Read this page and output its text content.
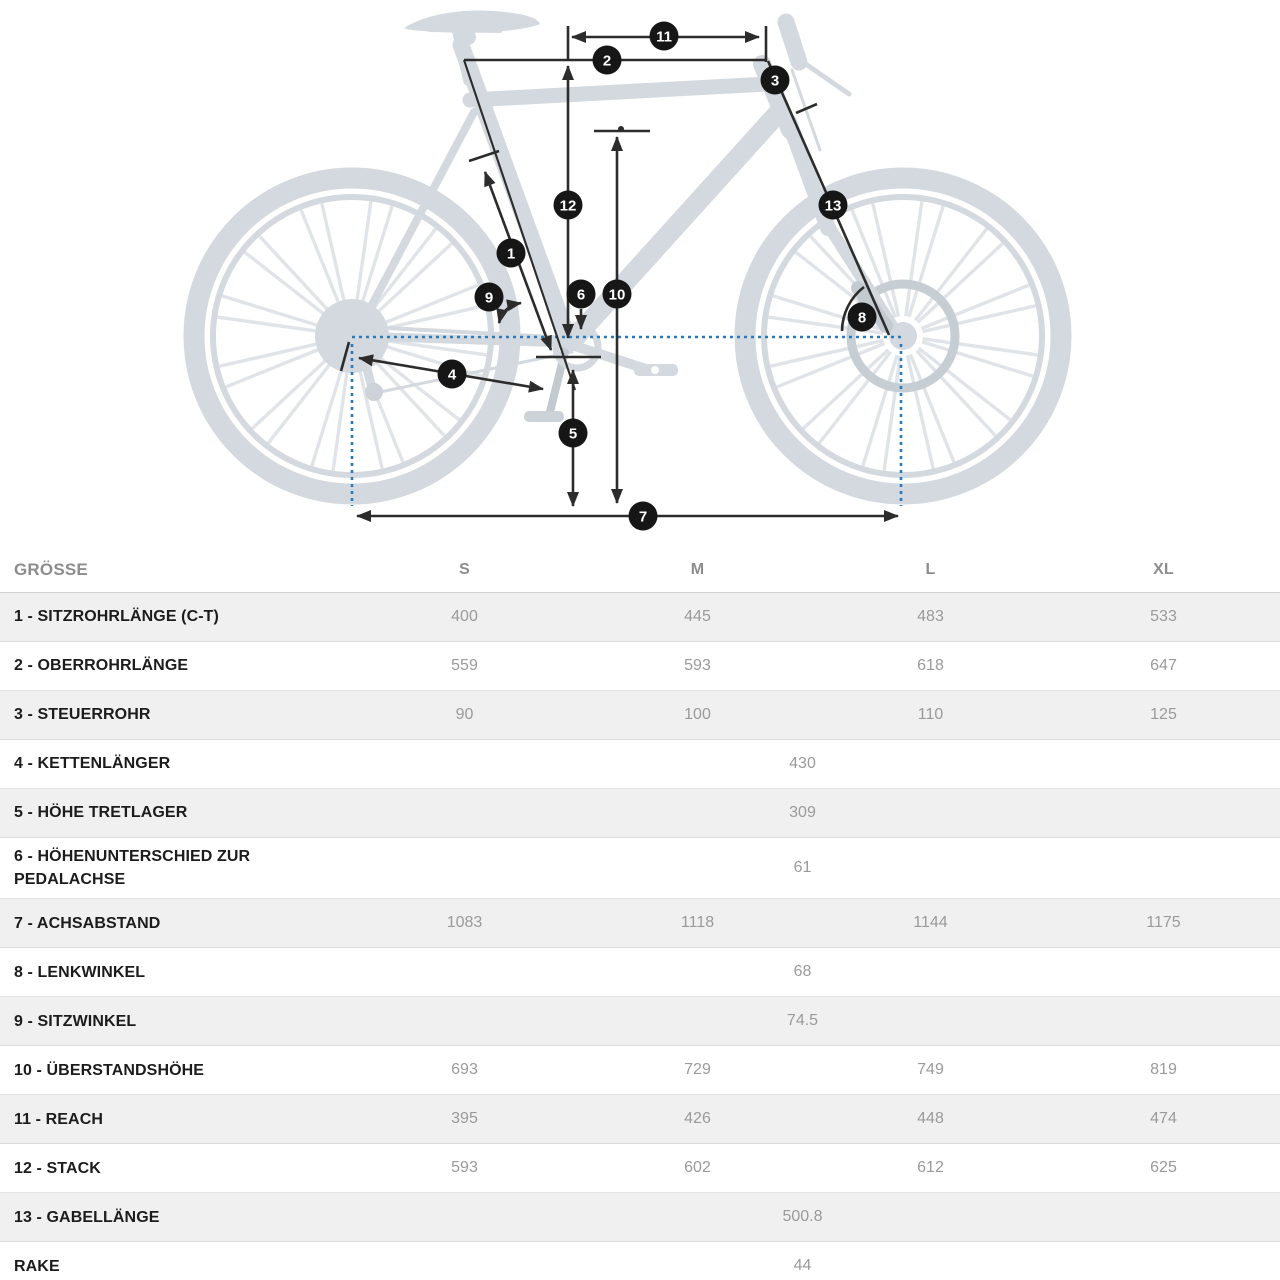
1
2
3
4
5
6
7
8
9	10
11
12	13
GRÖSSE	S	M	L	XL
1 - SITZROHRLÄNGE (C-T)	400	445	483	533
2 - OBERROHRLÄNGE	559	593	618	647
3 - STEUERROHR	90	100	110	125
4 - KETTENLÄNGER	430			
5 - HÖHE TRETLAGER	309			
6 - HÖHENUNTERSCHIED ZUR PEDALACHSE	61			
7 - ACHSABSTAND	1083	1118	1144	1175
8 - LENKWINKEL	68			
9 - SITZWINKEL	74.5			
10 - ÜBERSTANDSHÖHE	693	729	749	819
11 - REACH	395	426	448	474
12 - STACK	593	602	612	625
13 - GABELLÄNGE	500.8			
RAKE	44			
